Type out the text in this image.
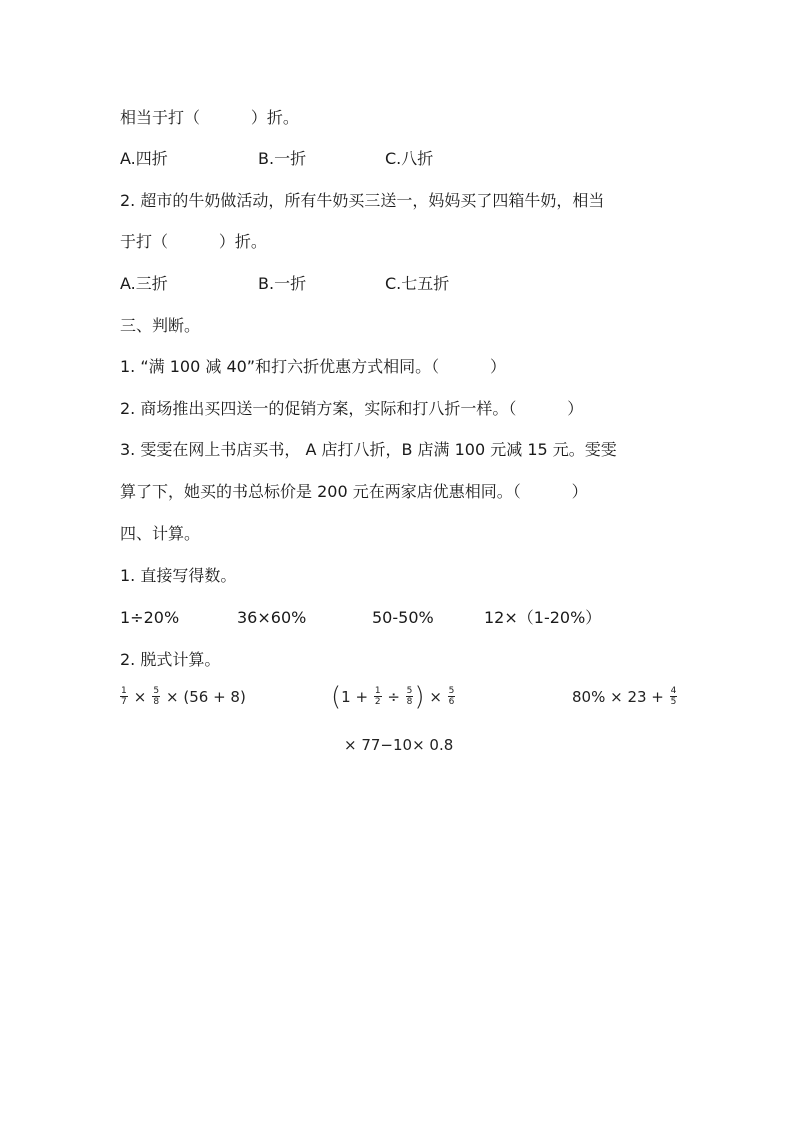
相当于打（          ）折。
A.四折	B.一折	C.八折
2. 超市的牛奶做活动，所有牛奶买三送一，妈妈买了四箱牛奶，相当
于打（          ）折。
A.三折	B.一折	C.七五折
三、判断。
1. “满 100 减 40”和打六折优惠方式相同。（          ）
2. 商场推出买四送一的促销方案，实际和打八折一样。（          ）
3. 雯雯在网上书店买书， A 店打八折，B 店满 100 元减 15 元。雯雯
算了下，她买的书总标价是 200 元在两家店优惠相同。（          ）
四、计算。
1. 直接写得数。
1÷20%	36×60%	50-50%	12×（1-20%）
2. 脱式计算。
$\frac{1}{7} \times \frac{5}{8} \times (56 + 8)$	( $1 + \frac{1}{2} \div \frac{5}{8}$ ) × $\frac{5}{6}$	$80\% \times 23 + \frac{4}{5}$
× 77−10× 0.8
